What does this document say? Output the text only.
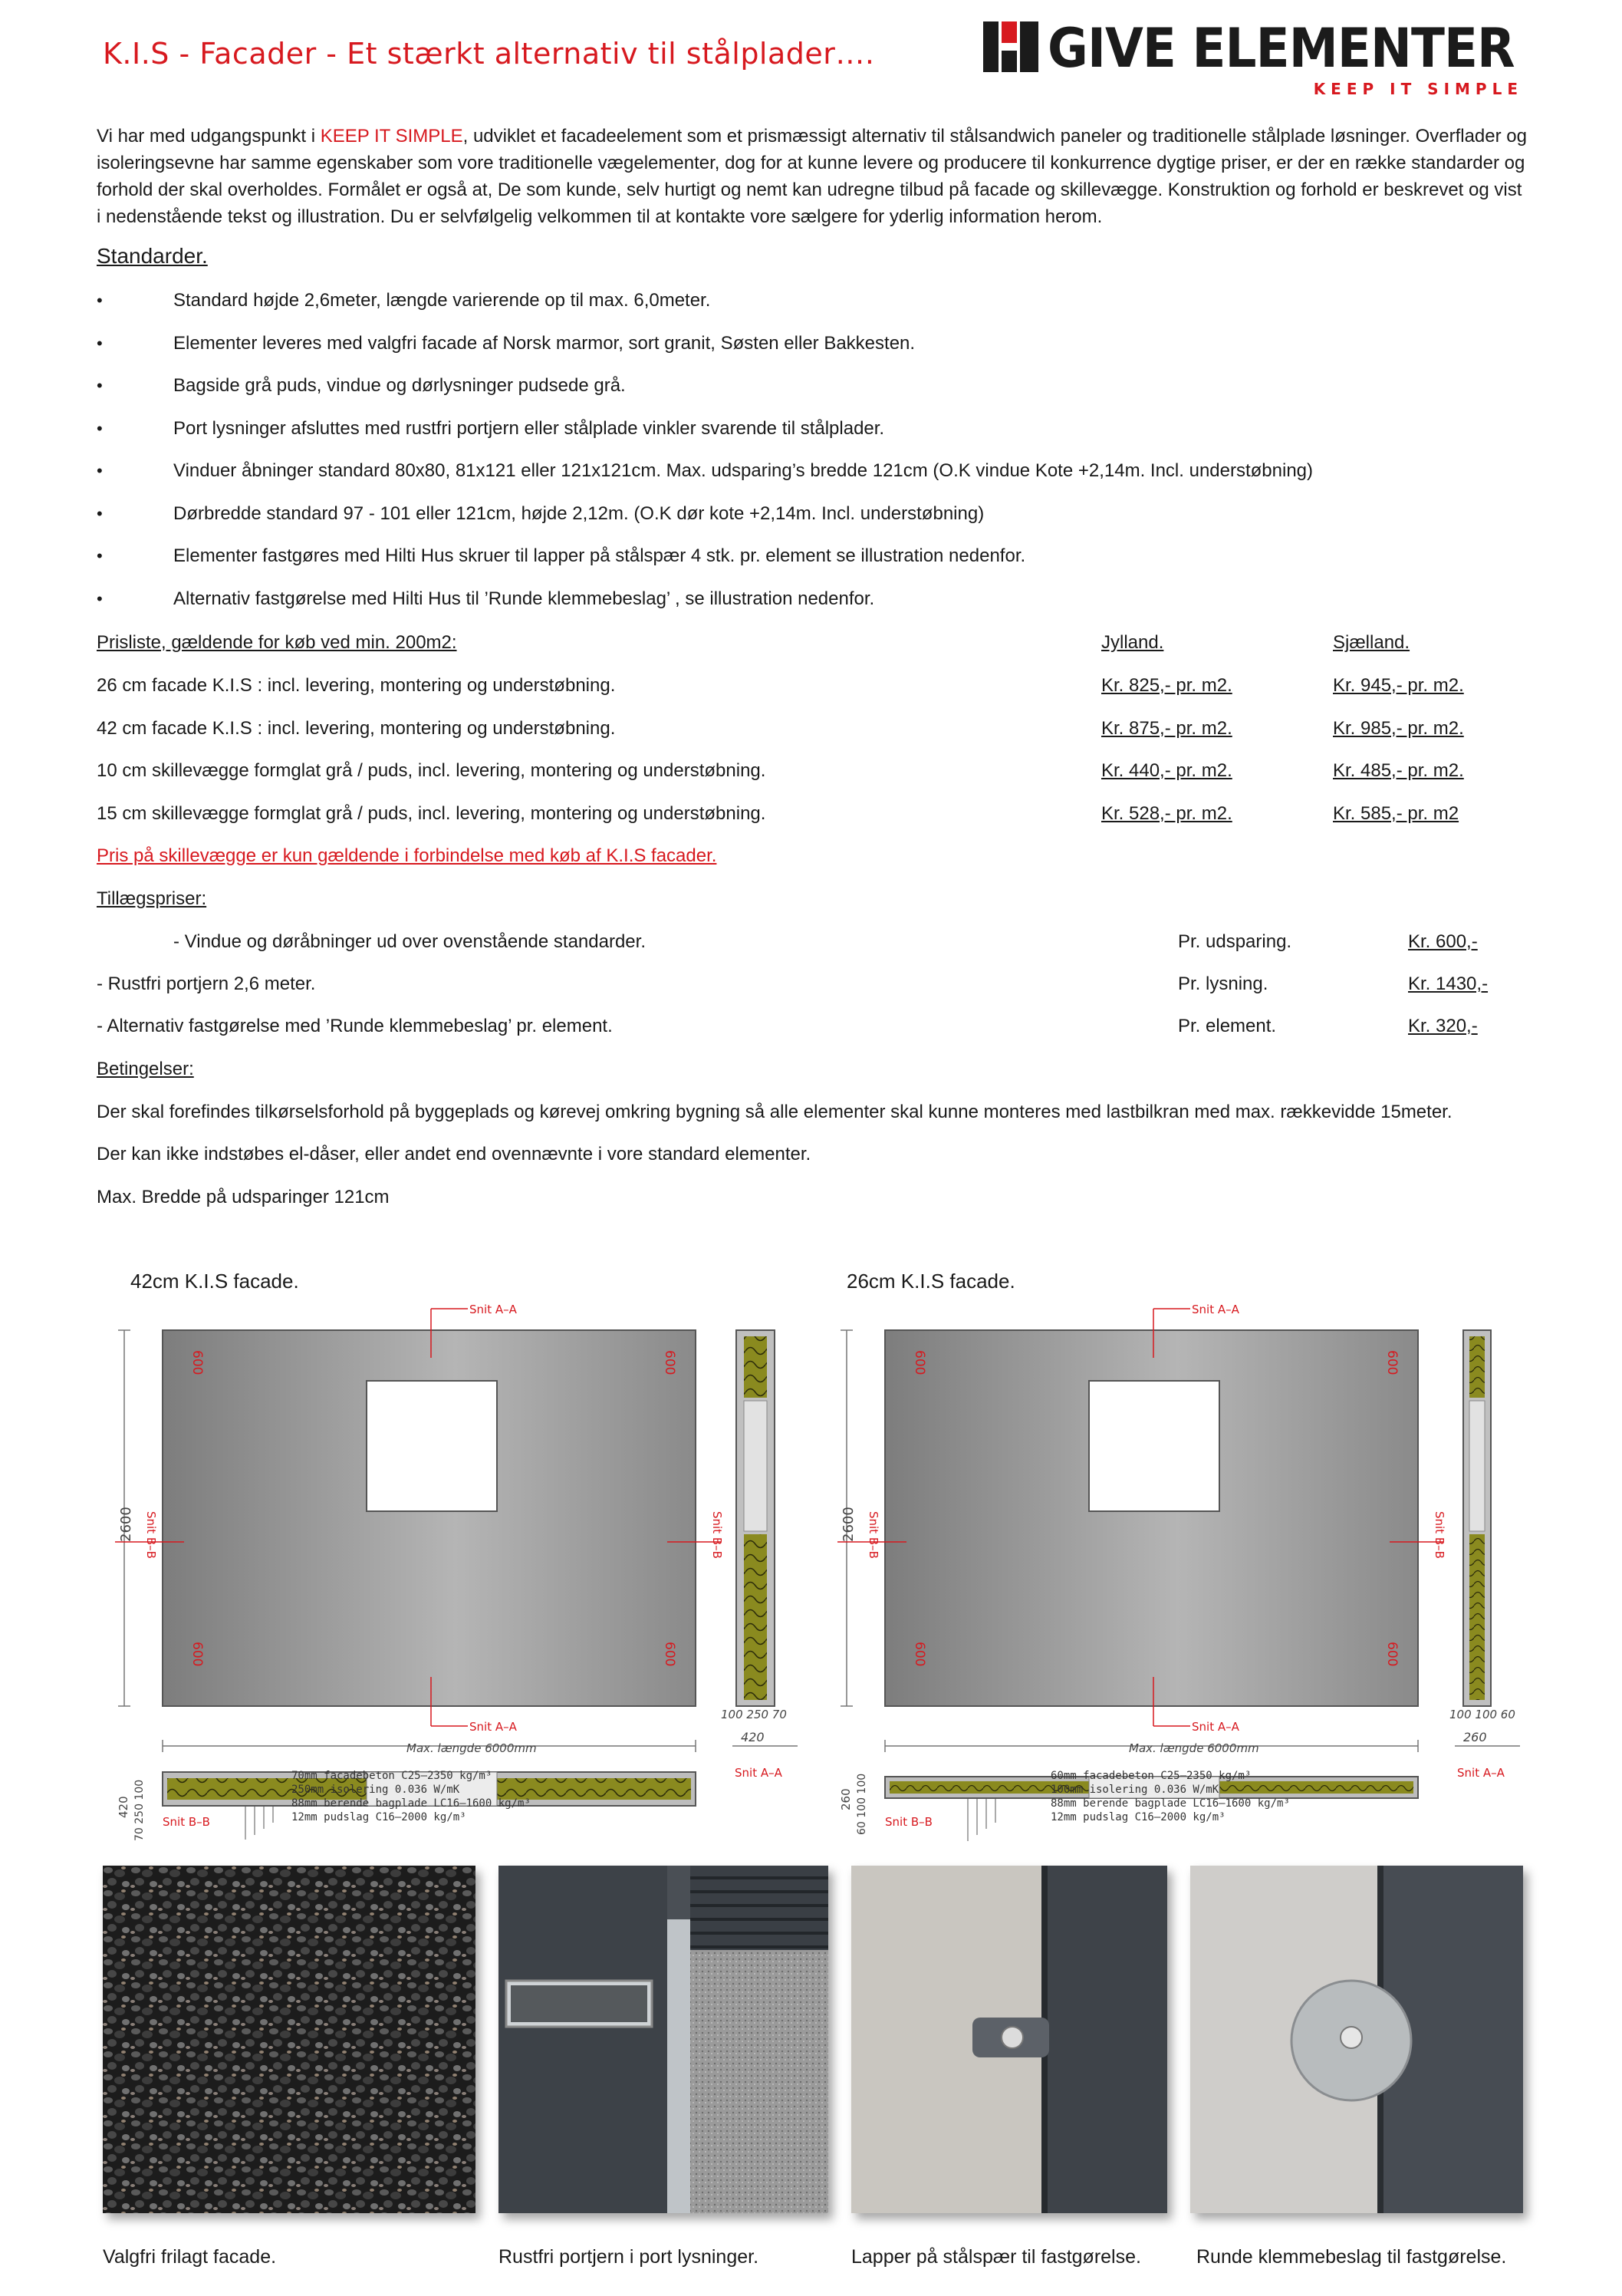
K.I.S - Facader - Et stærkt alternativ til stålplader….	GIVE ELEMENTER
KEEP IT SIMPLE

Vi har med udgangspunkt i KEEP IT SIMPLE, udviklet et facadeelement som et prismæssigt alternativ til stålsandwich paneler og traditionelle stålplade løsninger. Overflader og isoleringsevne har samme egenskaber som vore traditionelle vægelementer, dog for at kunne levere og producere til konkurrence dygtige priser, er der en række standarder og forhold der skal overholdes. Formålet er også at, De som kunde, selv hurtigt og nemt kan udregne tilbud på facade og skillevægge. Konstruktion og forhold er beskrevet og vist i nedenstående tekst og illustration. Du er selvfølgelig velkommen til at kontakte vore sælgere for yderlig information herom.

Standarder.
•	Standard højde 2,6meter, længde varierende op til max. 6,0meter.
•	Elementer leveres med valgfri facade af Norsk marmor, sort granit, Søsten eller Bakkesten.
•	Bagside grå puds, vindue og dørlysninger pudsede grå.
•	Port lysninger afsluttes med rustfri portjern eller stålplade vinkler svarende til stålplader.
•	Vinduer åbninger standard 80x80, 81x121 eller 121x121cm. Max. udsparing’s bredde 121cm (O.K vindue Kote +2,14m. Incl. understøbning)
•	Dørbredde standard 97 - 101 eller 121cm, højde 2,12m. (O.K dør kote +2,14m. Incl. understøbning)
•	Elementer fastgøres med Hilti Hus skruer til lapper på stålspær 4 stk. pr. element se illustration nedenfor.
•	Alternativ fastgørelse med Hilti Hus til ’Runde klemmebeslag’ , se illustration nedenfor.
Prisliste, gældende for køb ved min. 200m2:	Jylland.	Sjælland.
26 cm facade K.I.S : incl. levering, montering og understøbning.	Kr. 825,- pr. m2.	Kr. 945,- pr. m2.
42 cm facade K.I.S : incl. levering, montering og understøbning.	Kr. 875,- pr. m2.	Kr. 985,- pr. m2.
10 cm skillevægge formglat grå / puds, incl. levering, montering og understøbning.	Kr. 440,- pr. m2.	Kr. 485,- pr. m2.
15 cm skillevægge formglat grå / puds, incl. levering, montering og understøbning.	Kr. 528,- pr. m2.	Kr. 585,- pr. m2
Pris på skillevægge er kun gældende i forbindelse med køb af K.I.S facader.
Tillægspriser:
- Vindue og døråbninger ud over ovenstående standarder.	Pr. udsparing.	Kr. 600,-
- Rustfri portjern 2,6 meter.	Pr. lysning.	Kr. 1430,-
- Alternativ fastgørelse med ’Runde klemmebeslag’ pr. element.	Pr. element.	Kr. 320,-
Betingelser:
Der skal forefindes tilkørselsforhold på byggeplads og kørevej omkring bygning så alle elementer skal kunne monteres med lastbilkran med max. rækkevidde 15meter.
Der kan ikke indstøbes el-dåser, eller andet end ovennævnte i vore standard elementer.
Max. Bredde på udsparinger 121cm
42cm K.I.S facade.	26cm K.I.S facade.
2600
Max. længde 6000mm
Snit A–A
Snit A–A
Snit B–B	Snit B–B
600	600
600	600
100 250 70
420
Snit A–A
420 70 250 100 Snit B–B
70mm facadebeton C25–2350 kg/m³
250mm isolering 0.036 W/mK
88mm berende bagplade LC16–1600 kg/m³
12mm pudslag C16–2000 kg/m³
2600
Max. længde 6000mm
Snit A–A
Snit A–A
Snit B–B	Snit B–B
600	600
600	600
100 100 60
260
Snit A–A
260 60 100 100 Snit B–B
60mm facadebeton C25–2350 kg/m³
100mm isolering 0.036 W/mK
88mm berende bagplade LC16–1600 kg/m³
12mm pudslag C16–2000 kg/m³
Valgfri frilagt facade.	Rustfri portjern i port lysninger.	Lapper på stålspær til fastgørelse.	Runde klemmebeslag til fastgørelse.
